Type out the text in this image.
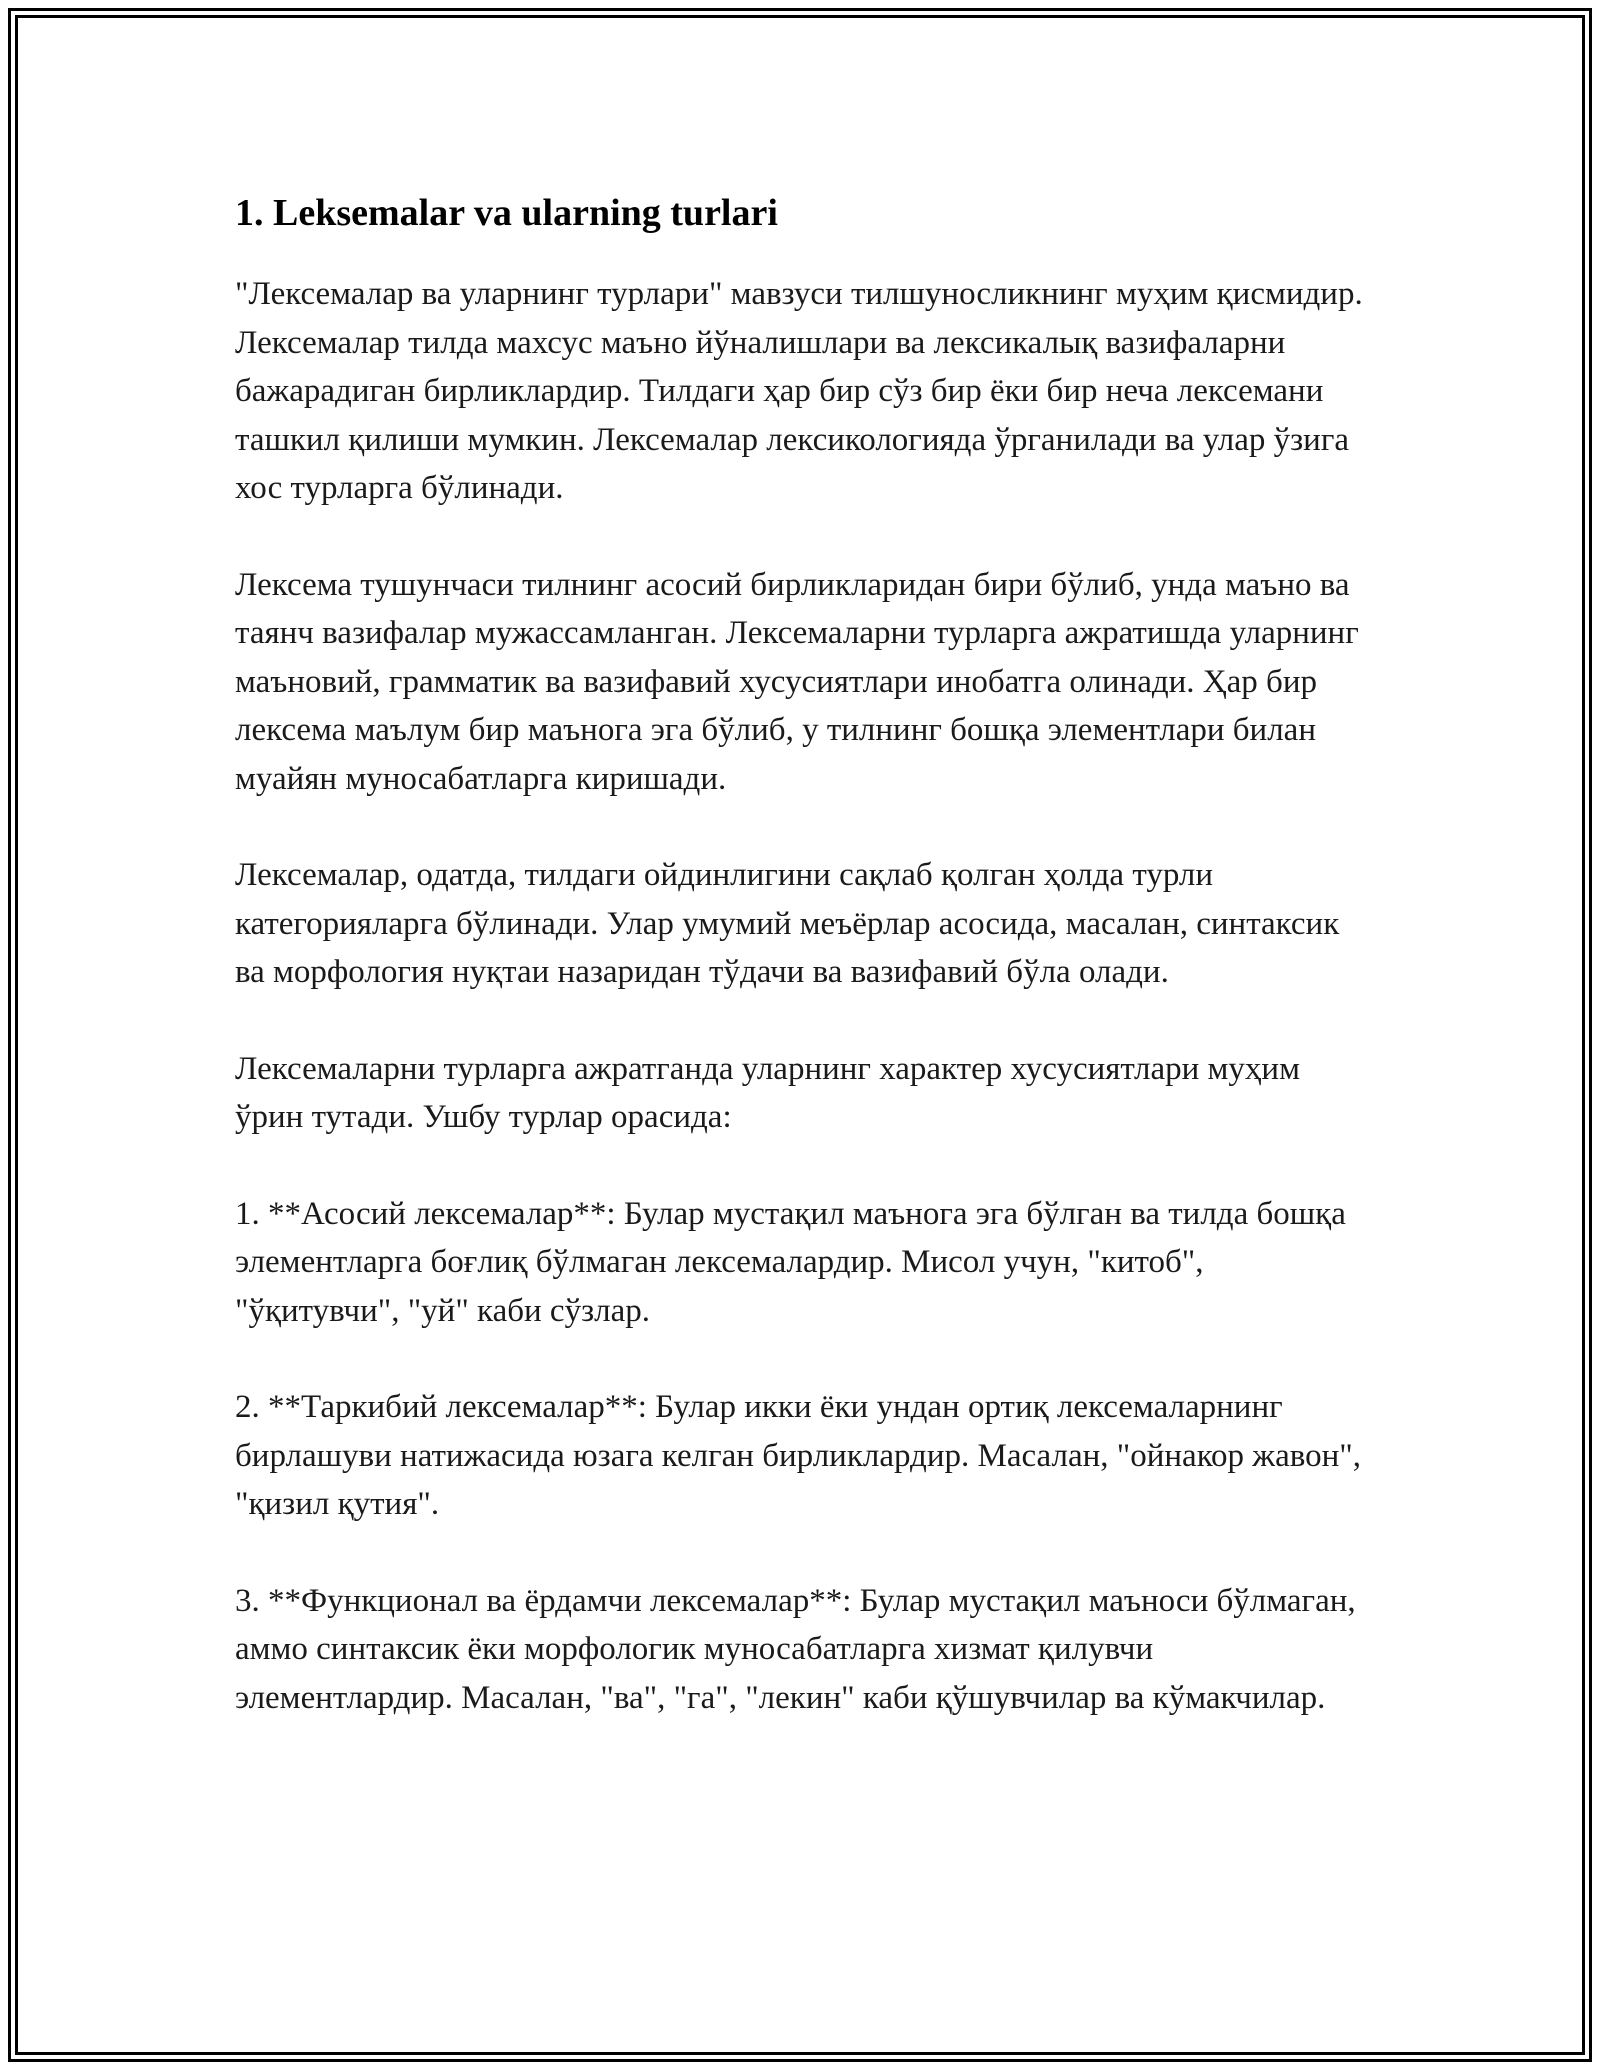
1. Leksemalar va ularning turlari

"Лексемалар ва уларнинг турлари" мавзуси тилшуносликнинг муҳим қисмидир. Лексемалар тилда махсус маъно йўналишлари ва лексикалық вазифаларни бажарадиган бирликлардир. Тилдаги ҳар бир сўз бир ёки бир неча лексемани ташкил қилиши мумкин. Лексемалар лексикологияда ўрганилади ва улар ўзига хос турларга бўлинади.

Лексема тушунчаси тилнинг асосий бирликларидан бири бўлиб, унда маъно ва таянч вазифалар мужассамланган. Лексемаларни турларга ажратишда уларнинг маъновий, грамматик ва вазифавий хусусиятлари инобатга олинади. Ҳар бир лексема маълум бир маънога эга бўлиб, у тилнинг бошқа элементлари билан муайян муносабатларга киришади.

Лексемалар, одатда, тилдаги ойдинлигини сақлаб қолган ҳолда турли категорияларга бўлинади. Улар умумий меъёрлар асосида, масалан, синтаксик ва морфология нуқтаи назаридан тўдачи ва вазифавий бўла олади.

Лексемаларни турларга ажратганда уларнинг характер хусусиятлари муҳим ўрин тутади. Ушбу турлар орасида:

1. **Асосий лексемалар**: Булар мустақил маънога эга бўлган ва тилда бошқа элементларга боғлиқ бўлмаган лексемалардир. Мисол учун, "китоб", "ўқитувчи", "уй" каби сўзлар.

2. **Таркибий лексемалар**: Булар икки ёки ундан ортиқ лексемаларнинг бирлашуви натижасида юзага келган бирликлардир. Масалан, "ойнакор жавон", "қизил қутия".

3. **Функционал ва ёрдамчи лексемалар**: Булар мустақил маъноси бўлмаган, аммо синтаксик ёки морфологик муносабатларга хизмат қилувчи элементлардир. Масалан, "ва", "га", "лекин" каби қўшувчилар ва кўмакчилар.
